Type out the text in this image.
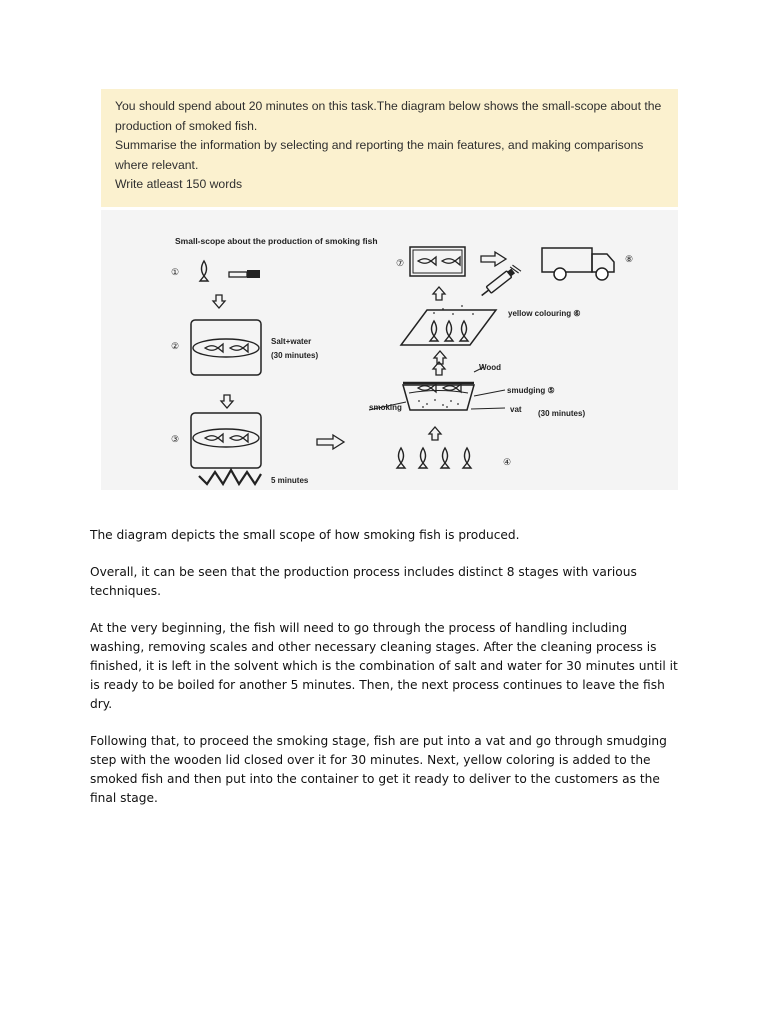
You should spend about 20 minutes on this task.The diagram below shows the small-scope about the
production of smoked fish.
Summarise the information by selecting and reporting the main features, and making comparisons
where relevant.
Write atleast 150 words
Small-scope about the production of smoking fish
①
②	Salt+water
(30 minutes)
③
5 minutes
④
Wood
smudging ⑤
vat (30 minutes)
smoking
yellow colouring ⑥
⑦	⑧

The diagram depicts the small scope of how smoking fish is produced.

Overall, it can be seen that the production process includes distinct 8 stages with various
techniques.

At the very beginning, the fish will need to go through the process of handling including
washing, removing scales and other necessary cleaning stages. After the cleaning process is
finished, it is left in the solvent which is the combination of salt and water for 30 minutes until it
is ready to be boiled for another 5 minutes. Then, the next process continues to leave the fish
dry.

Following that, to proceed the smoking stage, fish are put into a vat and go through smudging
step with the wooden lid closed over it for 30 minutes. Next, yellow coloring is added to the
smoked fish and then put into the container to get it ready to deliver to the customers as the
final stage.
